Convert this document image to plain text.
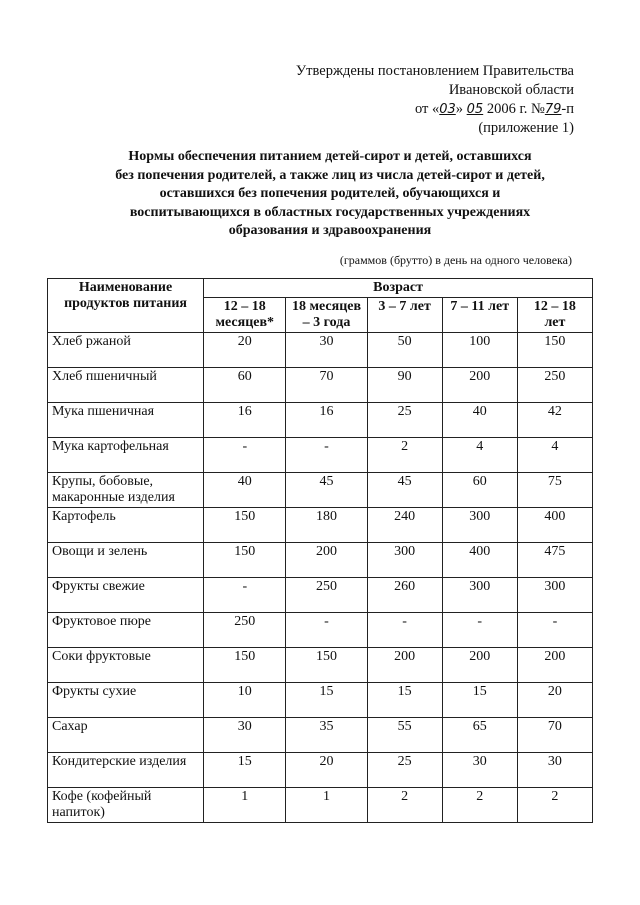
Утверждены постановлением Правительства
Ивановской области
от «03» 05 2006 г. №79-п
(приложение 1)
Нормы обеспечения питанием детей-сирот и детей, оставшихся
без попечения родителей, а также лиц из числа детей-сирот и детей,
оставшихся без попечения родителей, обучающихся и
воспитывающихся в областных государственных учреждениях
образования и здравоохранения
(граммов (брутто) в день на одного человека)
Наименование продуктов питания	Возраст				
	12 – 18 месяцев*	18 месяцев – 3 года	3 – 7 лет	7 – 11 лет	12 – 18 лет
Хлеб ржаной	20	30	50	100	150
Хлеб пшеничный	60	70	90	200	250
Мука пшеничная	16	16	25	40	42
Мука картофельная	-	-	2	4	4
Крупы, бобовые, макаронные изделия	40	45	45	60	75
Картофель	150	180	240	300	400
Овощи и зелень	150	200	300	400	475
Фрукты свежие	-	250	260	300	300
Фруктовое пюре	250	-	-	-	-
Соки фруктовые	150	150	200	200	200
Фрукты сухие	10	15	15	15	20
Сахар	30	35	55	65	70
Кондитерские изделия	15	20	25	30	30
Кофе (кофейный напиток)	1	1	2	2	2
